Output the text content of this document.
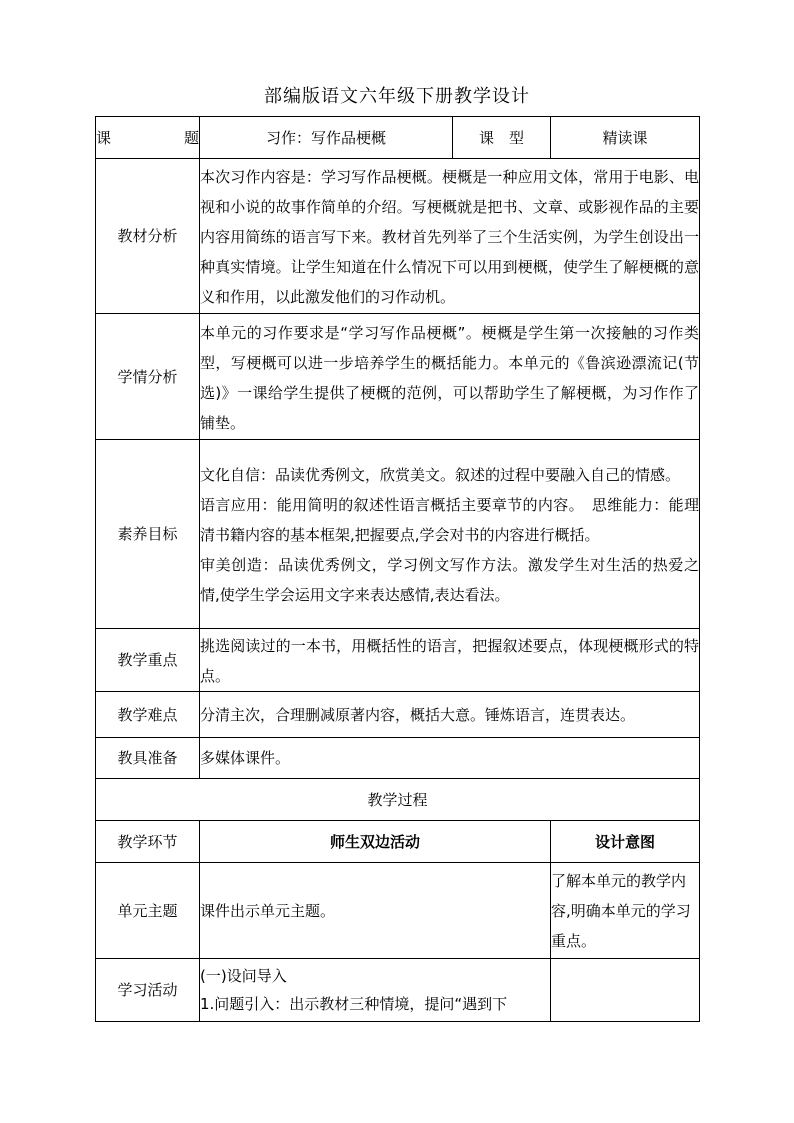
部编版语文六年级下册教学设计
课　题	习作：写作品梗概	课　型	精读课
教材分析	本次习作内容是：学习写作品梗概。梗概是一种应用文体，常用于电影、电视和小说的故事作简单的介绍。写梗概就是把书、文章、或影视作品的主要内容用简练的语言写下来。教材首先列举了三个生活实例，为学生创设出一种真实情境。让学生知道在什么情况下可以用到梗概，使学生了解梗概的意义和作用，以此激发他们的习作动机。		
学情分析	本单元的习作要求是“学习写作品梗概”。梗概是学生第一次接触的习作类型，写梗概可以进一步培养学生的概括能力。本单元的《鲁滨逊漂流记(节选)》一课给学生提供了梗概的范例，可以帮助学生了解梗概，为习作作了铺垫。		
素养目标	文化自信：品读优秀例文，欣赏美文。叙述的过程中要融入自己的情感。

语言应用：能用简明的叙述性语言概括主要章节的内容。　思维能力：能理清书籍内容的基本框架,把握要点,学会对书的内容进行概括。

审美创造：品读优秀例文，学习例文写作方法。激发学生对生活的热爱之情,使学生学会运用文字来表达感情,表达看法。		

教学重点	挑选阅读过的一本书，用概括性的语言，把握叙述要点，体现梗概形式的特点。		
教学难点	分清主次，合理删减原著内容，概括大意。锤炼语言，连贯表达。		
教具准备	多媒体课件。		
教学过程			
教学环节	师生双边活动		设计意图
单元主题	课件出示单元主题。		了解本单元的教学内容,明确本单元的学习重点。
学习活动	(一)设问导入

1.问题引入：出示教材三种情境，提问“遇到下		
